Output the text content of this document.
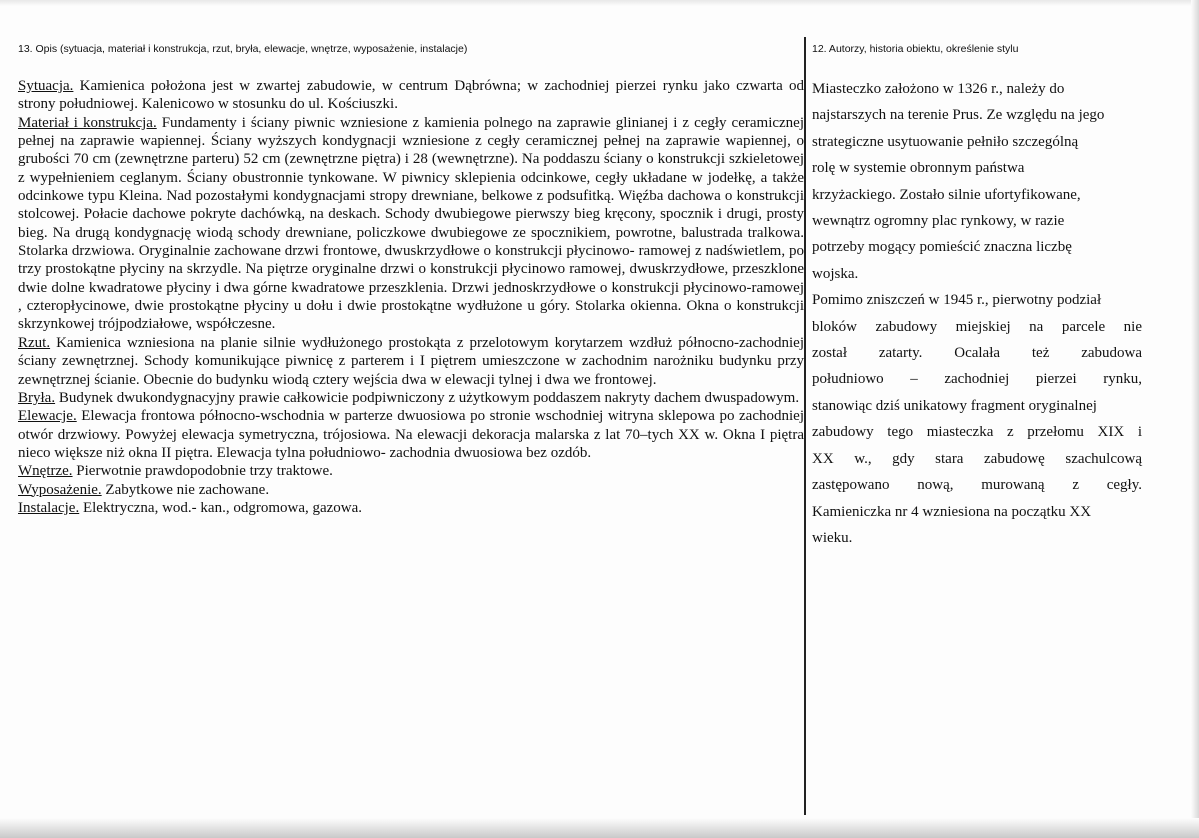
13. Opis (sytuacja, materiał i konstrukcja, rzut, bryła, elewacje, wnętrze, wyposażenie, instalacje)

Sytuacja. Kamienica położona jest w zwartej zabudowie, w centrum Dąbrówna; w zachodniej pierzei rynku jako czwarta od strony południowej. Kalenicowo w stosunku do ul. Kościuszki.

Materiał i konstrukcja. Fundamenty i ściany piwnic wzniesione z kamienia polnego na zaprawie glinianej i z cegły ceramicznej pełnej na zaprawie wapiennej. Ściany wyższych kondygnacji wzniesione z cegły ceramicznej pełnej na zaprawie wapiennej, o grubości 70 cm (zewnętrzne parteru) 52 cm (zewnętrzne piętra) i 28 (wewnętrzne). Na poddaszu ściany o konstrukcji szkieletowej z wypełnieniem ceglanym. Ściany obustronnie tynkowane. W piwnicy sklepienia odcinkowe, cegły układane w jodełkę, a także odcinkowe typu Kleina. Nad pozostałymi kondygnacjami stropy drewniane, belkowe z podsufitką. Więźba dachowa o konstrukcji stolcowej. Połacie dachowe pokryte dachówką, na deskach. Schody dwubiegowe pierwszy bieg kręcony, spocznik i drugi, prosty bieg. Na drugą kondygnację wiodą schody drewniane, policzkowe dwubiegowe ze spocznikiem, powrotne, balustrada tralkowa. Stolarka drzwiowa. Oryginalnie zachowane drzwi frontowe, dwuskrzydłowe o konstrukcji płycinowo- ramowej z nadświetlem, po trzy prostokątne płyciny na skrzydle. Na piętrze oryginalne drzwi o konstrukcji płycinowo ramowej, dwuskrzydłowe, przeszklone dwie dolne kwadratowe płyciny i dwa górne kwadratowe przeszklenia. Drzwi jednoskrzydłowe o konstrukcji płycinowo-ramowej , czteropłycinowe, dwie prostokątne płyciny u dołu i dwie prostokątne wydłużone u góry. Stolarka okienna. Okna o konstrukcji skrzynkowej trójpodziałowe, współczesne.

Rzut. Kamienica wzniesiona na planie silnie wydłużonego prostokąta z przelotowym korytarzem wzdłuż północno-zachodniej ściany zewnętrznej. Schody komunikujące piwnicę z parterem i I piętrem umieszczone w zachodnim narożniku budynku przy zewnętrznej ścianie. Obecnie do budynku wiodą cztery wejścia dwa w elewacji tylnej i dwa we frontowej.

Bryła. Budynek dwukondygnacyjny prawie całkowicie podpiwniczony z użytkowym poddaszem nakryty dachem dwuspadowym.

Elewacje. Elewacja frontowa północno-wschodnia w parterze dwuosiowa po stronie wschodniej witryna sklepowa po zachodniej otwór drzwiowy. Powyżej elewacja symetryczna, trójosiowa. Na elewacji dekoracja malarska z lat 70–tych XX w. Okna I piętra nieco większe niż okna II piętra. Elewacja tylna południowo- zachodnia dwuosiowa bez ozdób.

Wnętrze. Pierwotnie prawdopodobnie trzy traktowe.

Wyposażenie. Zabytkowe nie zachowane.

Instalacje. Elektryczna, wod.- kan., odgromowa, gazowa.

12. Autorzy, historia obiektu, określenie stylu
Miasteczko założono w 1326 r., należy do
najstarszych na terenie Prus. Ze względu na jego
strategiczne usytuowanie pełniło szczególną
rolę w systemie obronnym państwa
krzyżackiego. Zostało silnie ufortyfikowane,
wewnątrz ogromny plac rynkowy, w razie
potrzeby mogący pomieścić znaczna liczbę
wojska.
Pomimo zniszczeń w 1945 r., pierwotny podział
bloków zabudowy miejskiej na parcele nie
został zatarty. Ocalała też zabudowa
południowo – zachodniej pierzei rynku,
stanowiąc dziś unikatowy fragment oryginalnej
zabudowy tego miasteczka z przełomu XIX i
XX w., gdy stara zabudowę szachulcową
zastępowano nową, murowaną z cegły.
Kamieniczka nr 4 wzniesiona na początku XX
wieku.
